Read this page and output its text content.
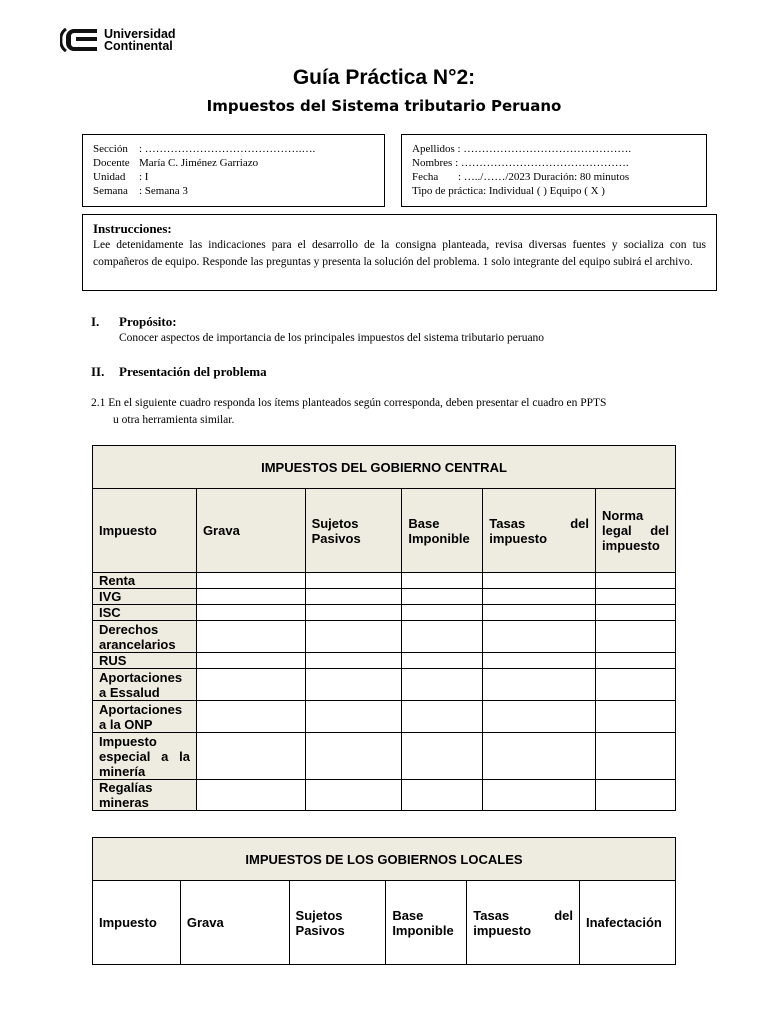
Universidad
Continental
Guía Práctica N°2:
Impuestos del Sistema tributario Peruano
Sección : …………………………………….….
Docente María C. Jiménez Garriazo
Unidad : I
Semana : Semana 3
Apellidos : ……………………………………….
Nombres : ……………………………………….
Fecha : …../……/2023 Duración: 80 minutos
Tipo de práctica: Individual ( ) Equipo ( X )
Instrucciones:
Lee detenidamente las indicaciones para el desarrollo de la consigna planteada, revisa diversas fuentes y socializa con tus compañeros de equipo. Responde las preguntas y presenta la solución del problema. 1 solo integrante del equipo subirá el archivo.
I. Propósito:
Conocer aspectos de importancia de los principales impuestos del sistema tributario peruano
II. Presentación del problema
2.1 En el siguiente cuadro responda los ítems planteados según corresponda, deben presentar el cuadro en PPTS
u otra herramienta similar.
IMPUESTOS DEL GOBIERNO CENTRAL					
Impuesto	Grava	Sujetos Pasivos	Base Imponible	Tasas del impuesto	Norma legal del impuesto
Renta					
IVG					
ISC					
Derechos arancelarios					
RUS					
Aportaciones a Essalud					
Aportaciones a la ONP					
Impuesto especial a la minería					
Regalías mineras					
IMPUESTOS DE LOS GOBIERNOS LOCALES
Impuesto	Grava	Sujetos Pasivos	Base Imponible	Tasas del impuesto	Inafectación
